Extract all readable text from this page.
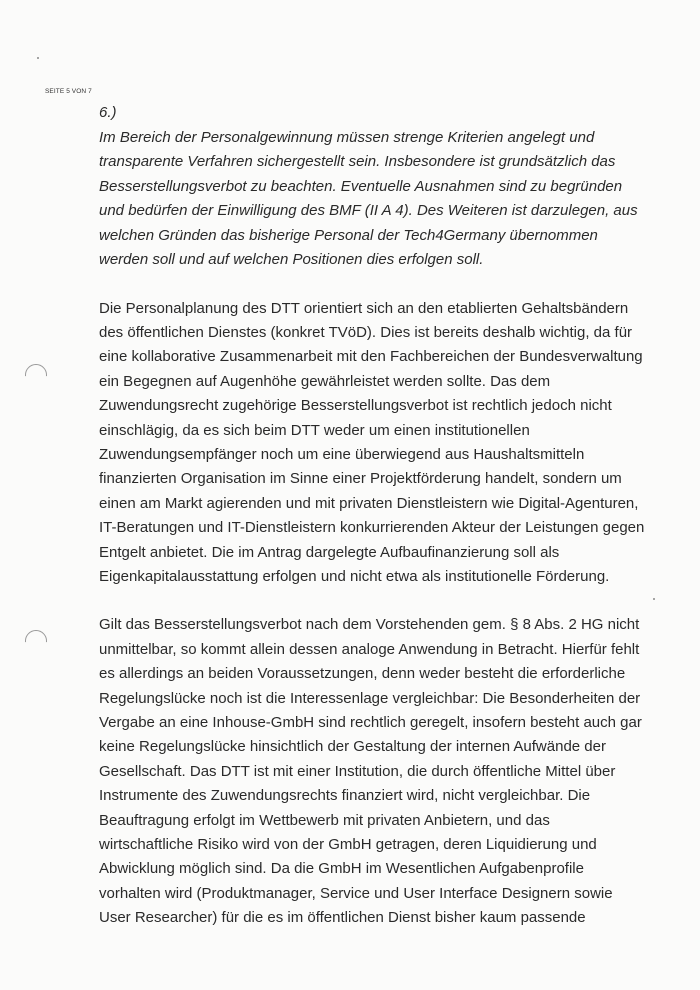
SEITE 5 VON 7

6.)

Im Bereich der Personalgewinnung müssen strenge Kriterien angelegt und

transparente Verfahren sichergestellt sein. Insbesondere ist grundsätzlich das

Besserstellungsverbot zu beachten. Eventuelle Ausnahmen sind zu begründen

und bedürfen der Einwilligung des BMF (II A 4). Des Weiteren ist darzulegen, aus

welchen Gründen das bisherige Personal der Tech4Germany übernommen

werden soll und auf welchen Positionen dies erfolgen soll.

Die Personalplanung des DTT orientiert sich an den etablierten Gehaltsbändern

des öffentlichen Dienstes (konkret TVöD). Dies ist bereits deshalb wichtig, da für

eine kollaborative Zusammenarbeit mit den Fachbereichen der Bundesverwaltung

ein Begegnen auf Augenhöhe gewährleistet werden sollte. Das dem

Zuwendungsrecht zugehörige Besserstellungsverbot ist rechtlich jedoch nicht

einschlägig, da es sich beim DTT weder um einen institutionellen

Zuwendungsempfänger noch um eine überwiegend aus Haushaltsmitteln

finanzierten Organisation im Sinne einer Projektförderung handelt, sondern um

einen am Markt agierenden und mit privaten Dienstleistern wie Digital-Agenturen,

IT-Beratungen und IT-Dienstleistern konkurrierenden Akteur der Leistungen gegen

Entgelt anbietet. Die im Antrag dargelegte Aufbaufinanzierung soll als

Eigenkapitalausstattung erfolgen und nicht etwa als institutionelle Förderung.

Gilt das Besserstellungsverbot nach dem Vorstehenden gem. § 8 Abs. 2 HG nicht

unmittelbar, so kommt allein dessen analoge Anwendung in Betracht. Hierfür fehlt

es allerdings an beiden Voraussetzungen, denn weder besteht die erforderliche

Regelungslücke noch ist die Interessenlage vergleichbar: Die Besonderheiten der

Vergabe an eine Inhouse-GmbH sind rechtlich geregelt, insofern besteht auch gar

keine Regelungslücke hinsichtlich der Gestaltung der internen Aufwände der

Gesellschaft. Das DTT ist mit einer Institution, die durch öffentliche Mittel über

Instrumente des Zuwendungsrechts finanziert wird, nicht vergleichbar. Die

Beauftragung erfolgt im Wettbewerb mit privaten Anbietern, und das

wirtschaftliche Risiko wird von der GmbH getragen, deren Liquidierung und

Abwicklung möglich sind. Da die GmbH im Wesentlichen Aufgabenprofile

vorhalten wird (Produktmanager, Service und User Interface Designern sowie

User Researcher) für die es im öffentlichen Dienst bisher kaum passende
